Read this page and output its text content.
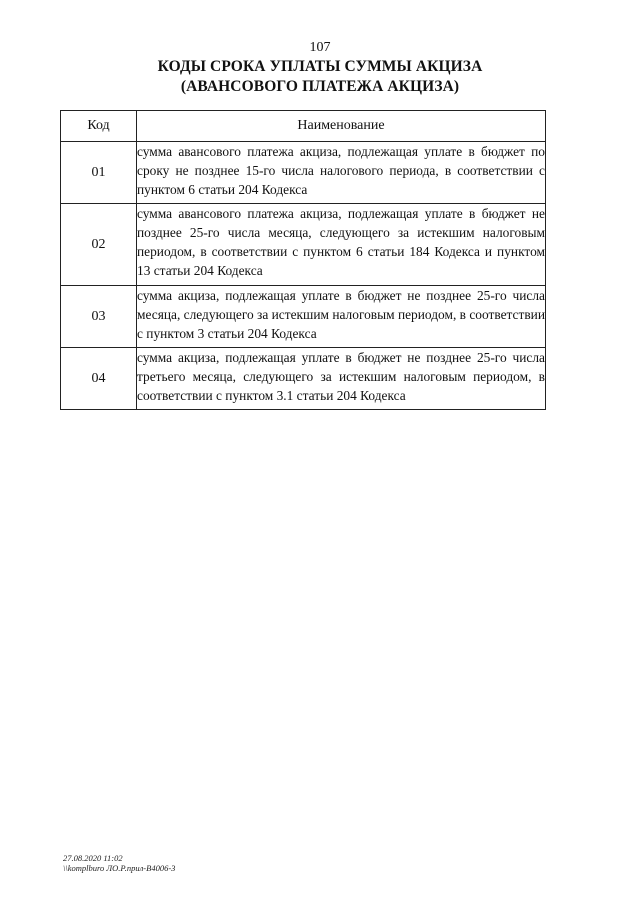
107
КОДЫ СРОКА УПЛАТЫ СУММЫ АКЦИЗА
(АВАНСОВОГО ПЛАТЕЖА АКЦИЗА)
Код	Наименование
01	сумма авансового платежа акциза, подлежащая уплате в бюджет по сроку не позднее 15-го числа налогового периода, в соответствии с пунктом 6 статьи 204 Кодекса
02	сумма авансового платежа акциза, подлежащая уплате в бюджет не позднее 25-го числа месяца, следующего за истекшим налоговым периодом, в соответствии с пунктом 6 статьи 184 Кодекса и пунктом 13 статьи 204 Кодекса
03	сумма акциза, подлежащая уплате в бюджет не позднее 25-го числа месяца, следующего за истекшим налоговым периодом, в соответствии с пунктом 3 статьи 204 Кодекса
04	сумма акциза, подлежащая уплате в бюджет не позднее 25-го числа третьего месяца, следующего за истекшим налоговым периодом, в соответствии с пунктом 3.1 статьи 204 Кодекса
27.08.2020 11:02
\\komplburo ЛО.Р.прил-В4006-3
